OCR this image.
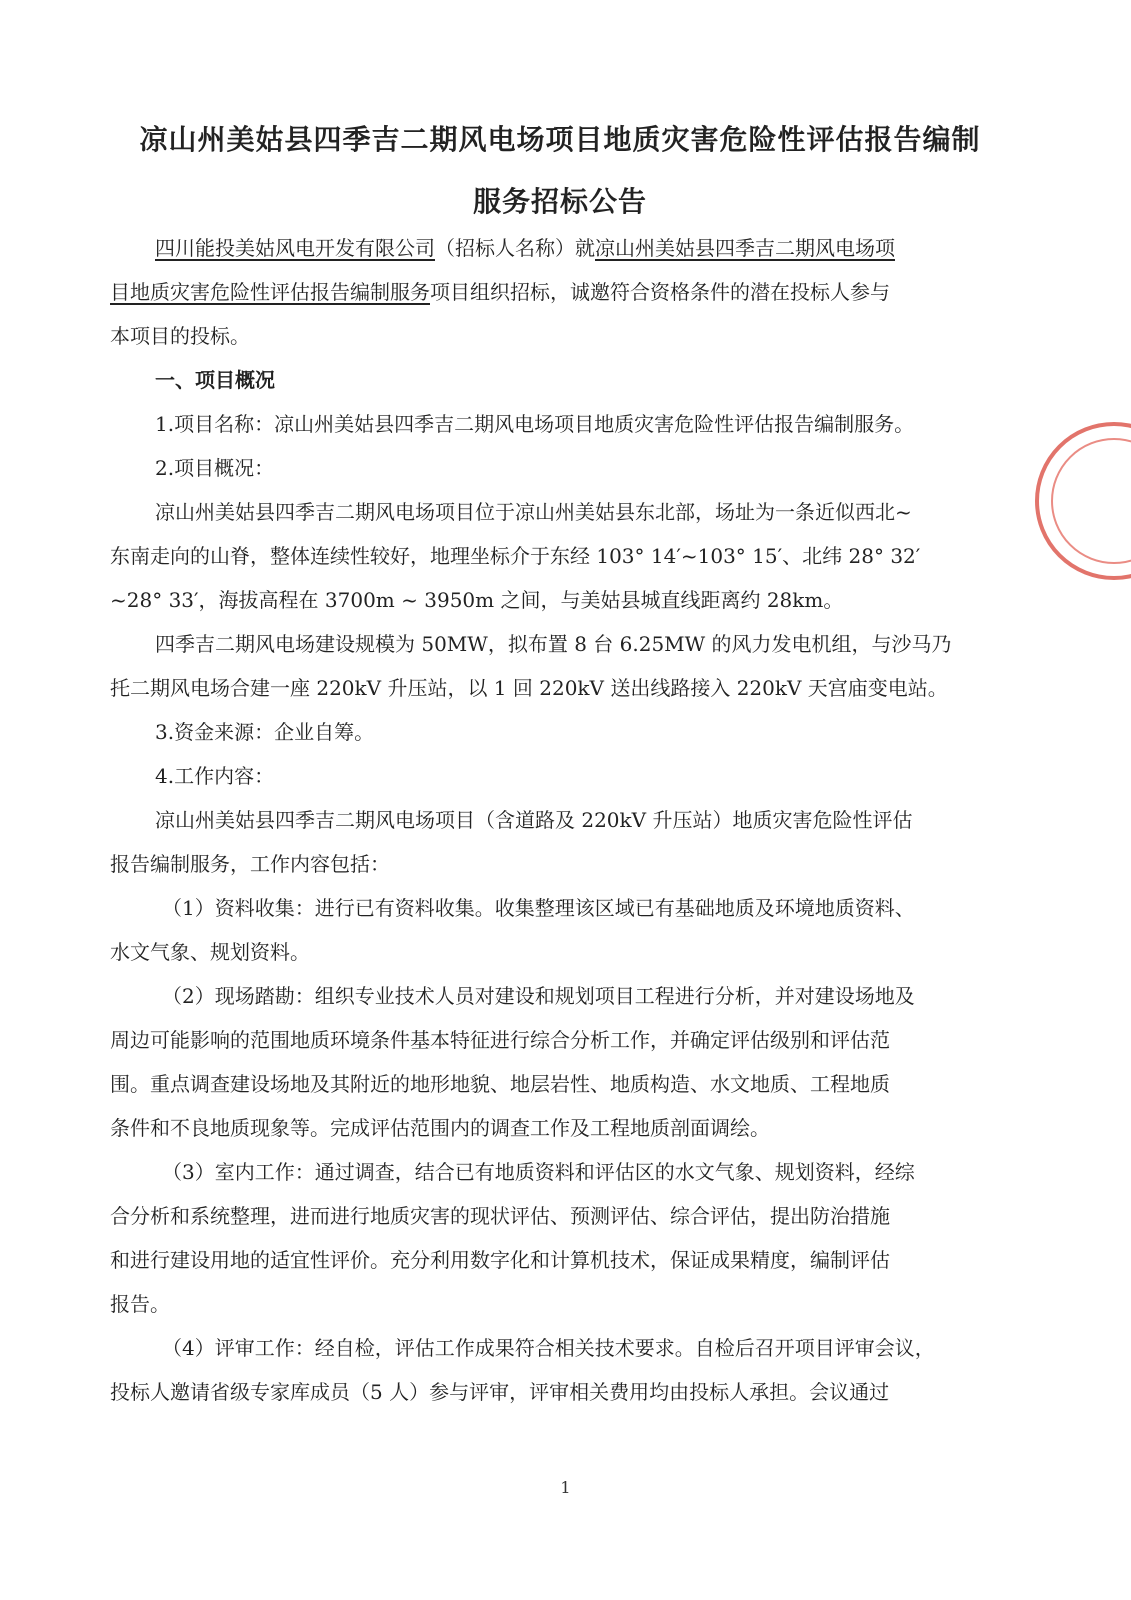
凉山州美姑县四季吉二期风电场项目地质灾害危险性评估报告编制
服务招标公告
四川能投美姑风电开发有限公司（招标人名称）就凉山州美姑县四季吉二期风电场项
目地质灾害危险性评估报告编制服务项目组织招标，诚邀符合资格条件的潜在投标人参与
本项目的投标。
一、项目概况
1.项目名称：凉山州美姑县四季吉二期风电场项目地质灾害危险性评估报告编制服务。
2.项目概况：
凉山州美姑县四季吉二期风电场项目位于凉山州美姑县东北部，场址为一条近似西北~
东南走向的山脊，整体连续性较好，地理坐标介于东经 103° 14′~103° 15′、北纬 28° 32′
~28° 33′，海拔高程在 3700m ~ 3950m 之间，与美姑县城直线距离约 28km。
四季吉二期风电场建设规模为 50MW，拟布置 8 台 6.25MW 的风力发电机组，与沙马乃
托二期风电场合建一座 220kV 升压站，以 1 回 220kV 送出线路接入 220kV 天宫庙变电站。
3.资金来源：企业自筹。
4.工作内容：
凉山州美姑县四季吉二期风电场项目（含道路及 220kV 升压站）地质灾害危险性评估
报告编制服务，工作内容包括：
（1）资料收集：进行已有资料收集。收集整理该区域已有基础地质及环境地质资料、
水文气象、规划资料。
（2）现场踏勘：组织专业技术人员对建设和规划项目工程进行分析，并对建设场地及
周边可能影响的范围地质环境条件基本特征进行综合分析工作，并确定评估级别和评估范
围。重点调查建设场地及其附近的地形地貌、地层岩性、地质构造、水文地质、工程地质
条件和不良地质现象等。完成评估范围内的调查工作及工程地质剖面调绘。
（3）室内工作：通过调查，结合已有地质资料和评估区的水文气象、规划资料，经综
合分析和系统整理，进而进行地质灾害的现状评估、预测评估、综合评估，提出防治措施
和进行建设用地的适宜性评价。充分利用数字化和计算机技术，保证成果精度，编制评估
报告。
（4）评审工作：经自检，评估工作成果符合相关技术要求。自检后召开项目评审会议，
投标人邀请省级专家库成员（5 人）参与评审，评审相关费用均由投标人承担。会议通过
1
